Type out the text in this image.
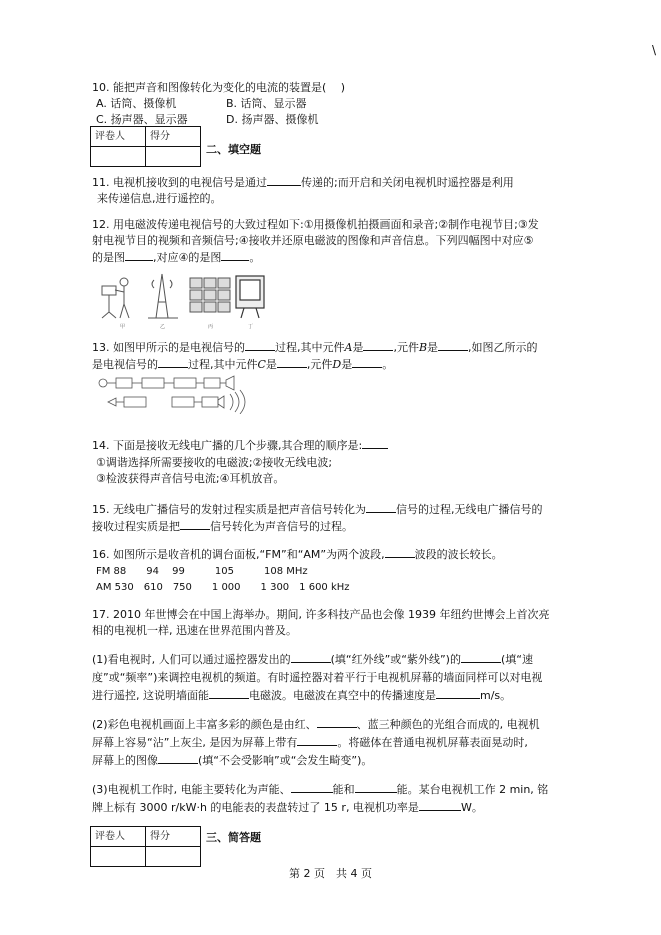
\
10. 能把声音和图像转化为变化的电流的装置是(　 )
A. 话筒、摄像机	B. 话筒、显示器
C. 扬声器、显示器	D. 扬声器、摄像机
评卷人	得分

二、填空题
11. 电视机接收到的电视信号是通过	传递的;而开启和关闭电视机时遥控器是利用
来传递信息,进行遥控的。
12. 用电磁波传递电视信号的大致过程如下:①用摄像机拍摄画面和录音;②制作电视节目;③发
射电视节目的视频和音频信号;④接收并还原电磁波的图像和声音信息。下列四幅图中对应⑤
的是图	,对应④的是图	。
甲	乙	丙	丁
13. 如图甲所示的是电视信号的	过程,其中元件A是	,元件B是	,如图乙所示的
是电视信号的	过程,其中元件C是	,元件D是	。
14. 下面是接收无线电广播的几个步骤,其合理的顺序是:
①调谐选择所需要接收的电磁波;②接收无线电波;
③检波获得声音信号电流;④耳机放音。
15. 无线电广播信号的发射过程实质是把声音信号转化为	信号的过程,无线电广播信号的
接收过程实质是把	信号转化为声音信号的过程。
16. 如图所示是收音机的调台面板,“FM”和“AM”为两个波段,	波段的波长较长。
FM 88　　94　 99　　　105　　　108 MHz
AM 530　610　750　　1 000　　1 300　1 600 kHz
17. 2010 年世博会在中国上海举办。期间, 许多科技产品也会像 1939 年纽约世博会上首次亮
相的电视机一样, 迅速在世界范围内普及。
(1)看电视时, 人们可以通过遥控器发出的	(填“红外线”或“紫外线”)的	(填“速
度”或“频率”)来调控电视机的频道。有时遥控器对着平行于电视机屏幕的墙面同样可以对电视
进行遥控, 这说明墙面能	电磁波。电磁波在真空中的传播速度是	m/s。
(2)彩色电视机画面上丰富多彩的颜色是由红、	、蓝三种颜色的光组合而成的, 电视机
屏幕上容易“沾”上灰尘, 是因为屏幕上带有	。将磁体在普通电视机屏幕表面晃动时,
屏幕上的图像	(填“不会受影响”或“会发生畸变”)。
(3)电视机工作时, 电能主要转化为声能、	能和	能。某台电视机工作 2 min, 铭
牌上标有 3000 r/kW·h 的电能表的表盘转过了 15 r, 电视机功率是	W。
评卷人	得分
		三、简答题
第 2 页　共 4 页
